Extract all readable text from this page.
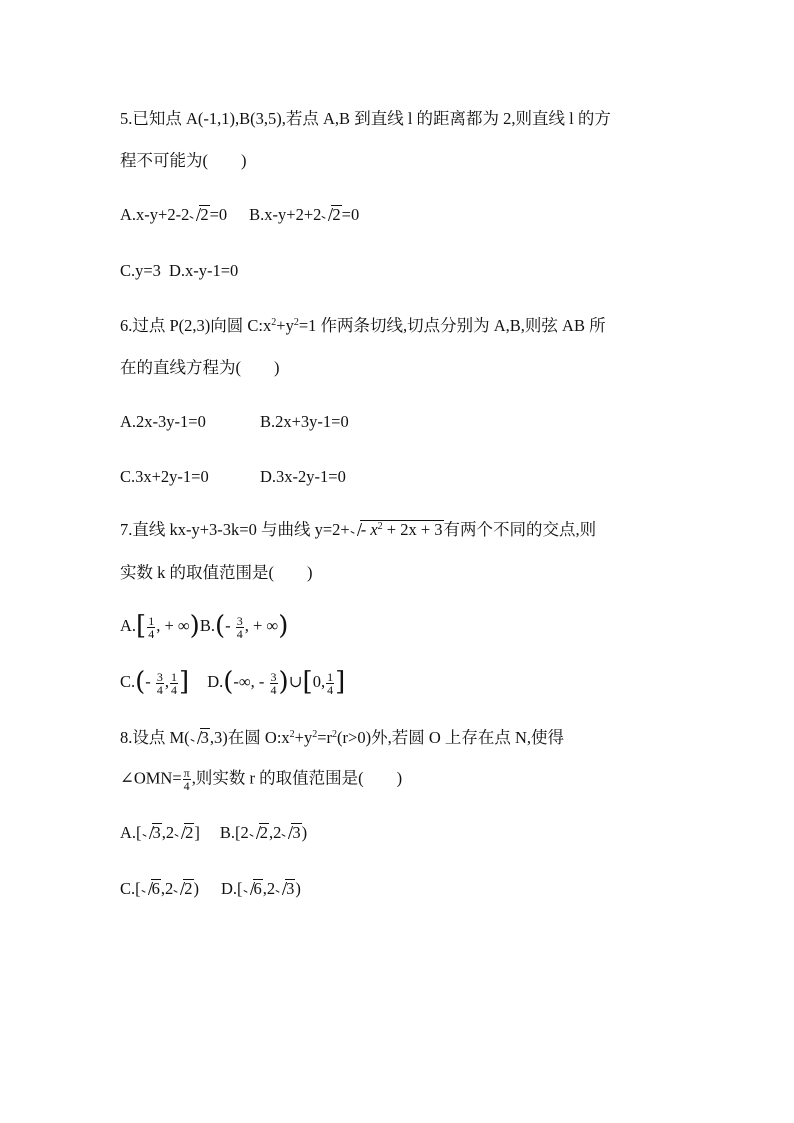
5.已知点 A(-1,1),B(3,5),若点 A,B 到直线 l 的距离都为 2,则直线 l 的方
程不可能为(　　)
A.x-y+2-2 2=0 B.x-y+2+2 2=0
C.y=3 D.x-y-1=0
6.过点 P(2,3)向圆 $C:x^2+y^2=1$ 作两条切线,切点分别为 A,B,则弦 AB 所
在的直线方程为(　　)
A.2x-3y-1=0	B.2x+3y-1=0
C.3x+2y-1=0	D.3x-2y-1=0
7.直线 kx-y+3-3k=0 与曲线 $y=2+ - x^2 + 2x + 3$有两个不同的交点,则
实数 k 的取值范围是(　　)
$A.[ \frac{1}{4}$ , + $\infty)B.(- \frac{3}{4}$ , + ∞)
$C.(- \frac{3}{4}$ , $\frac{1}{4}$ ] D.(-∞, - $\frac{3}{4}$ )∪[0, $\frac{1}{4}$ ]
8.设点 M( 3,3)在圆 $O:x^2+y^2=r^2(r>0)$外,若圆 O 上存在点 N,使得
∠OMN= $\frac{\pi}{4}$ ,则实数 r 的取值范围是(　　)
A.[ 3,2 2] B.[2 2,2 3)
C.[ 6,2 2) D.[ 6,2 3)
